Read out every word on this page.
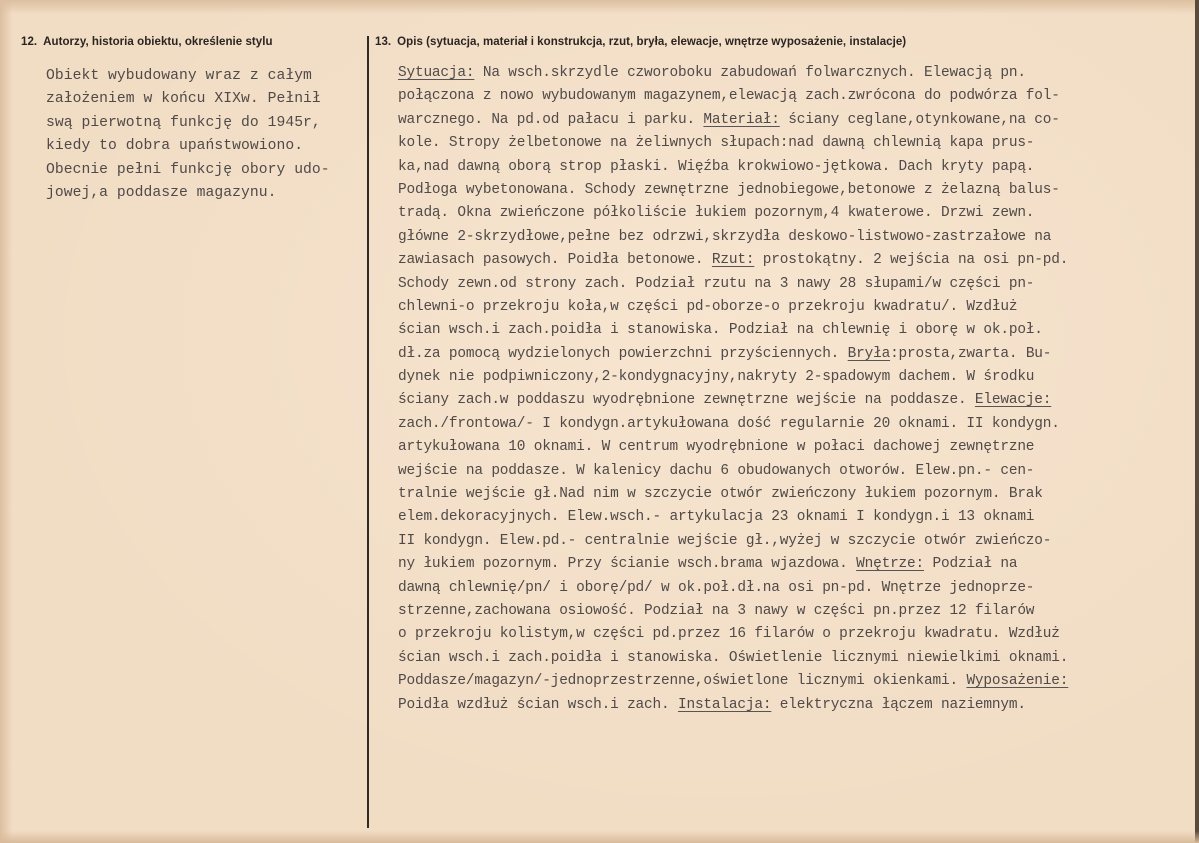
12. Autorzy, historia obiektu, określenie stylu	13. Opis (sytuacja, materiał i konstrukcja, rzut, bryła, elewacje, wnętrze wyposażenie, instalacje)
Obiekt wybudowany wraz z całym
założeniem w końcu XIXw. Pełnił
swą pierwotną funkcję do 1945r,
kiedy to dobra upaństwowiono.
Obecnie pełni funkcję obory udo-
jowej,a poddasze magazynu.
Sytuacja: Na wsch.skrzydle czworoboku zabudowań folwarcznych. Elewacją pn.
połączona z nowo wybudowanym magazynem,elewacją zach.zwrócona do podwórza fol-
warcznego. Na pd.od pałacu i parku. Materiał: ściany ceglane,otynkowane,na co-
kole. Stropy żelbetonowe na żeliwnych słupach:nad dawną chlewnią kapa prus-
ka,nad dawną oborą strop płaski. Więźba krokwiowo-jętkowa. Dach kryty papą.
Podłoga wybetonowana. Schody zewnętrzne jednobiegowe,betonowe z żelazną balus-
tradą. Okna zwieńczone półkoliście łukiem pozornym,4 kwaterowe. Drzwi zewn.
główne 2-skrzydłowe,pełne bez odrzwi,skrzydła deskowo-listwowo-zastrzałowe na
zawiasach pasowych. Poidła betonowe. Rzut: prostokątny. 2 wejścia na osi pn-pd.
Schody zewn.od strony zach. Podział rzutu na 3 nawy 28 słupami/w części pn-
chlewni-o przekroju koła,w części pd-oborze-o przekroju kwadratu/. Wzdłuż
ścian wsch.i zach.poidła i stanowiska. Podział na chlewnię i oborę w ok.poł.
dł.za pomocą wydzielonych powierzchni przyściennych. Bryła:prosta,zwarta. Bu-
dynek nie podpiwniczony,2-kondygnacyjny,nakryty 2-spadowym dachem. W środku
ściany zach.w poddaszu wyodrębnione zewnętrzne wejście na poddasze. Elewacje:
zach./frontowa/- I kondygn.artykułowana dość regularnie 20 oknami. II kondygn.
artykułowana 10 oknami. W centrum wyodrębnione w połaci dachowej zewnętrzne
wejście na poddasze. W kalenicy dachu 6 obudowanych otworów. Elew.pn.- cen-
tralnie wejście gł.Nad nim w szczycie otwór zwieńczony łukiem pozornym. Brak
elem.dekoracyjnych. Elew.wsch.- artykulacja 23 oknami I kondygn.i 13 oknami
II kondygn. Elew.pd.- centralnie wejście gł.,wyżej w szczycie otwór zwieńczo-
ny łukiem pozornym. Przy ścianie wsch.brama wjazdowa. Wnętrze: Podział na
dawną chlewnię/pn/ i oborę/pd/ w ok.poł.dł.na osi pn-pd. Wnętrze jednoprze-
strzenne,zachowana osiowość. Podział na 3 nawy w części pn.przez 12 filarów
o przekroju kolistym,w części pd.przez 16 filarów o przekroju kwadratu. Wzdłuż
ścian wsch.i zach.poidła i stanowiska. Oświetlenie licznymi niewielkimi oknami.
Poddasze/magazyn/-jednoprzestrzenne,oświetlone licznymi okienkami. Wyposażenie:
Poidła wzdłuż ścian wsch.i zach. Instalacja: elektryczna łączem naziemnym.
